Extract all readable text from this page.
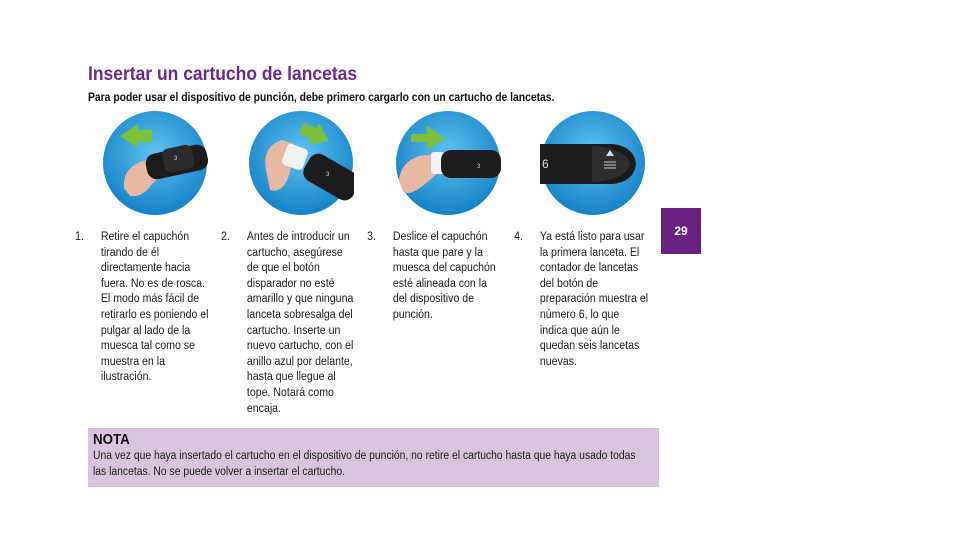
Insertar un cartucho de lancetas
Para poder usar el dispositivo de punción, debe primero cargarlo con un cartucho de lancetas.
3
3
3	6
1. Retire el capuchón tirando de él directamente hacia fuera. No es de rosca. El modo más fácil de retirarlo es poniendo el pulgar al lado de la muesca tal como se muestra en la ilustración.
2. Antes de introducir un cartucho, asegúrese de que el botón disparador no esté amarillo y que ninguna lanceta sobresalga del cartucho. Inserte un nuevo cartucho, con el anillo azul por delante, hasta que llegue al tope. Notará como encaja.
3. Deslice el capuchón hasta que pare y la muesca del capuchón esté alineada con la del dispositivo de punción.
4. Ya está listo para usar la primera lanceta. El contador de lancetas del botón de preparación muestra el número 6, lo que indica que aún le quedan seis lancetas nuevas.
29
NOTA
Una vez que haya insertado el cartucho en el dispositivo de punción, no retire el cartucho hasta que haya usado todas las lancetas. No se puede volver a insertar el cartucho.
